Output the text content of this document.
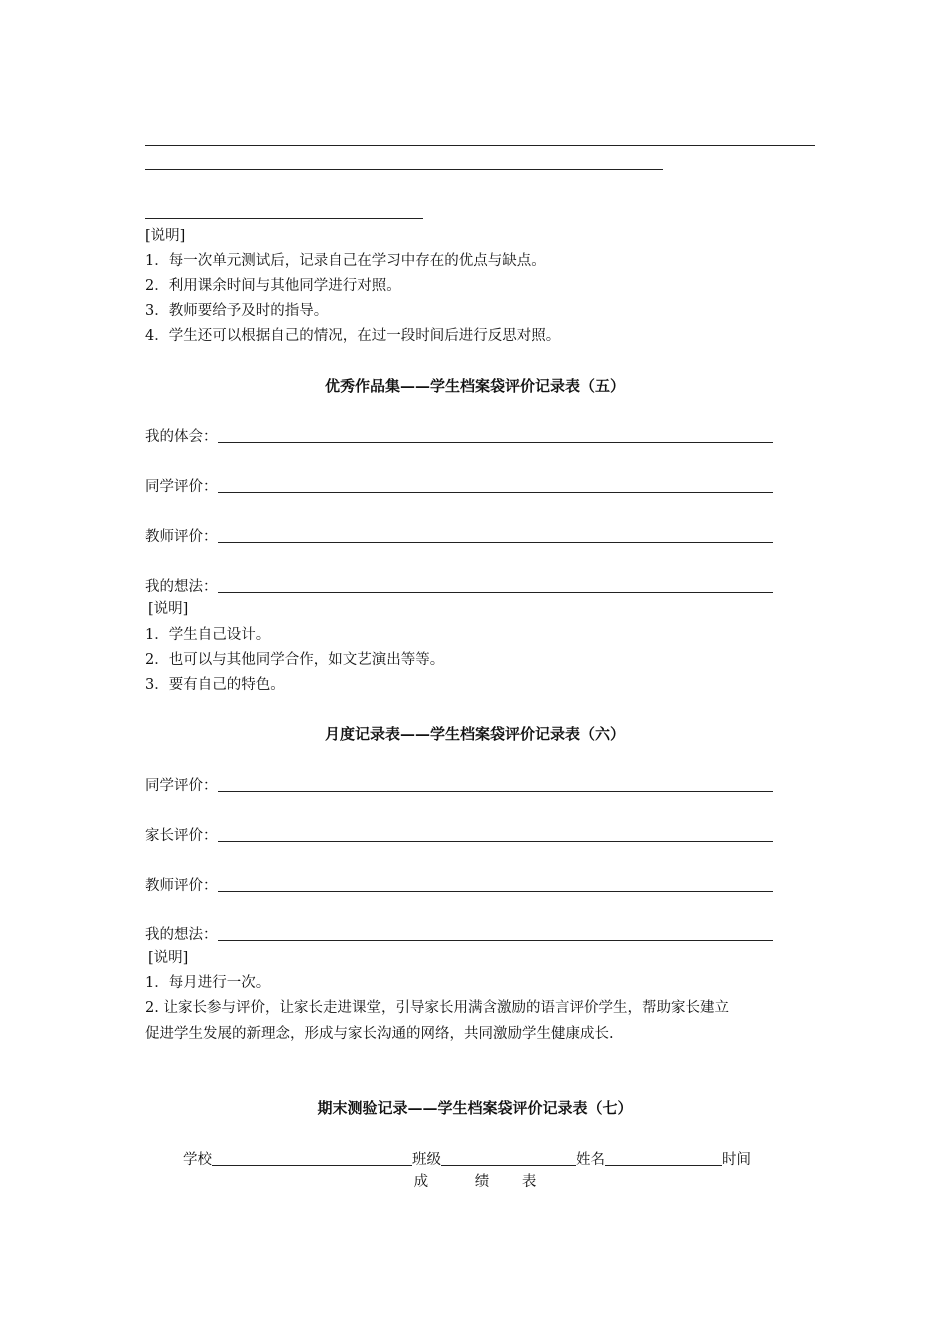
[说明]
1．每一次单元测试后，记录自己在学习中存在的优点与缺点。
2．利用课余时间与其他同学进行对照。
3．教师要给予及时的指导。
4．学生还可以根据自己的情况，在过一段时间后进行反思对照。
优秀作品集——学生档案袋评价记录表（五）
我的体会：
同学评价：
教师评价：
我的想法：
[说明]
1．学生自己设计。
2．也可以与其他同学合作，如文艺演出等等。
3．要有自己的特色。
月度记录表——学生档案袋评价记录表（六）
同学评价：
家长评价：
教师评价：
我的想法：
[说明]
1．每月进行一次。
2. 让家长参与评价，让家长走进课堂，引导家长用满含激励的语言评价学生，帮助家长建立
促进学生发展的新理念，形成与家长沟通的网络，共同激励学生健康成长.
期末测验记录——学生档案袋评价记录表（七）
学校	班级	姓名	时间
成	绩 表
